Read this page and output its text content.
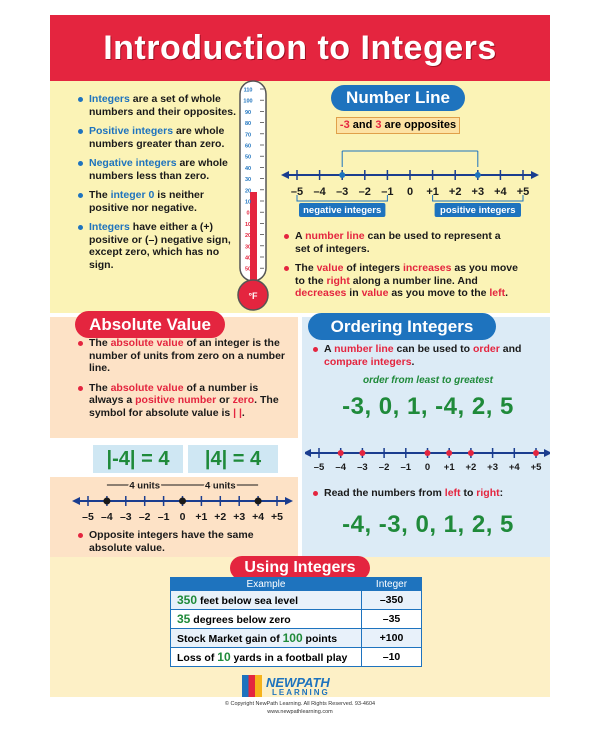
Introduction to Integers
Integers are a set of whole numbers and their opposites.
Positive integers are whole numbers greater than zero.
Negative integers are whole numbers less than zero.
The integer 0 is neither positive nor negative.
Integers have either a (+) positive or (–) negative sign, except zero, which has no sign.
110
100
90
80
70
60
50
40
30
20
10
0
10
20
30
40
50
°F
Number Line
-3 and 3 are opposites
–5 –4 –3 –2 –1 0 +1 +2 +3 +4 +5
negative integers	positive integers
A number line can be used to represent a set of integers.
The value of integers increases as you move to the right along a number line. And decreases in value as you move to the left.
Absolute Value
The absolute value of an integer is the number of units from zero on a number line.
The absolute value of a number is always a positive number or zero. The symbol for absolute value is | |.
|-4| = 4	|4| = 4
–5 –4 –3 –2 –1 0 +1 +2 +3 +4 +5
4 units	4 units
Opposite integers have the same absolute value.
Ordering Integers
A number line can be used to order and compare integers.
order from least to greatest
-3, 0, 1, -4, 2, 5
–5 –4 –3 –2 –1 0 +1 +2 +3 +4 +5
Read the numbers from left to right:
-4, -3, 0, 1, 2, 5
Using Integers
Example	Integer
350 feet below sea level	–350
35 degrees below zero	–35
Stock Market gain of 100 points	+100
Loss of 10 yards in a football play	–10
NEWPATH
LEARNING
© Copyright NewPath Learning. All Rights Reserved. 93-4604
www.newpathlearning.com
